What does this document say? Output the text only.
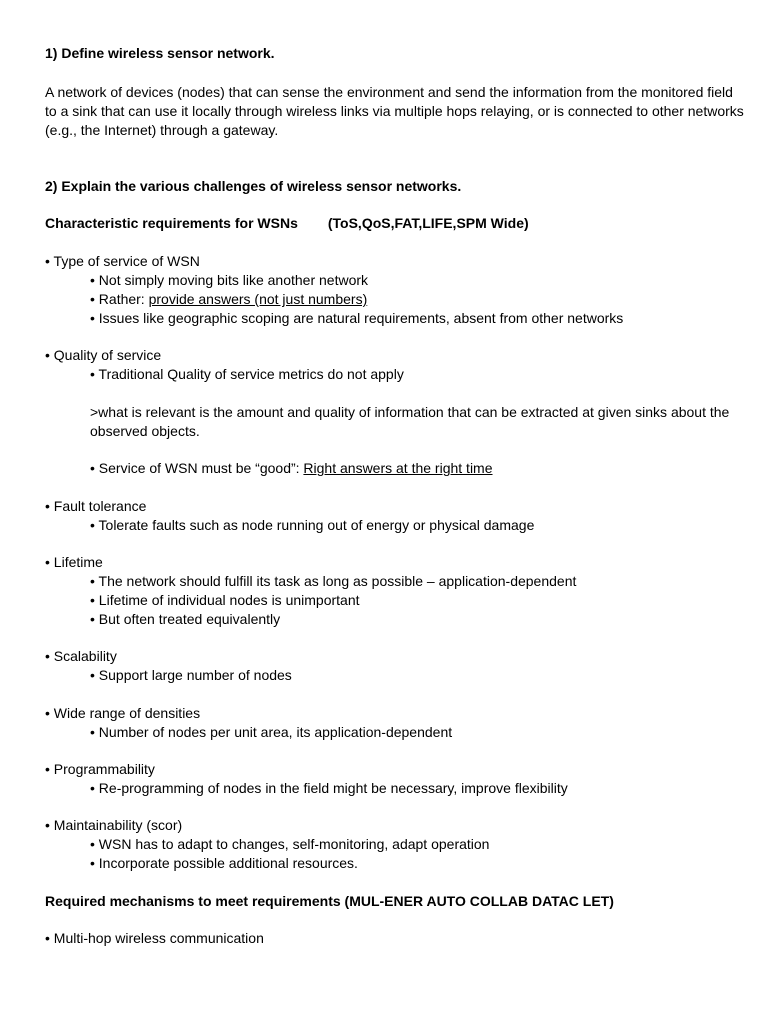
1) Define wireless sensor network.
A network of devices (nodes) that can sense the environment and send the information from the monitored field
to a sink that can use it locally through wireless links via multiple hops relaying, or is connected to other networks
(e.g., the Internet) through a gateway.
2) Explain the various challenges of wireless sensor networks.
Characteristic requirements for WSNs (ToS,QoS,FAT,LIFE,SPM Wide)
• Type of service of WSN
• Not simply moving bits like another network
• Rather: provide answers (not just numbers)
• Issues like geographic scoping are natural requirements, absent from other networks
• Quality of service
• Traditional Quality of service metrics do not apply
>what is relevant is the amount and quality of information that can be extracted at given sinks about the
observed objects.
• Service of WSN must be “good”: Right answers at the right time
• Fault tolerance
• Tolerate faults such as node running out of energy or physical damage
• Lifetime
• The network should fulfill its task as long as possible – application-dependent
• Lifetime of individual nodes is unimportant
• But often treated equivalently
• Scalability
• Support large number of nodes
• Wide range of densities
• Number of nodes per unit area, its application-dependent
• Programmability
• Re-programming of nodes in the field might be necessary, improve flexibility
• Maintainability (scor)
• WSN has to adapt to changes, self-monitoring, adapt operation
• Incorporate possible additional resources.
Required mechanisms to meet requirements (MUL-ENER AUTO COLLAB DATAC LET)
• Multi-hop wireless communication
